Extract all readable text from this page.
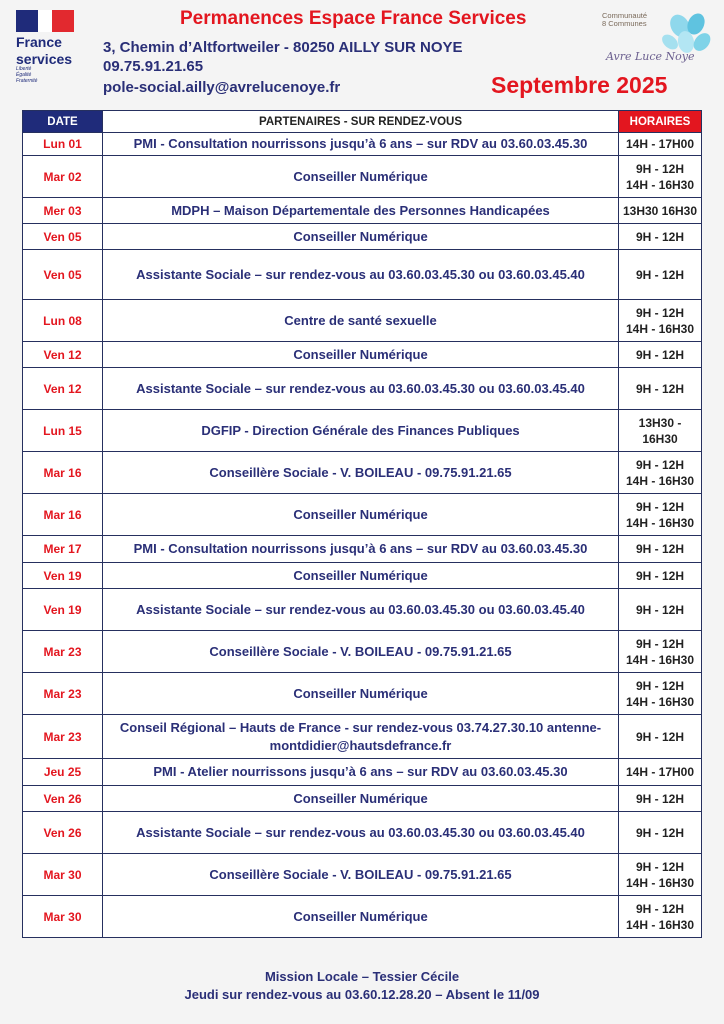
France
services
Liberté
Égalité
Fraternité
Permanences Espace France Services
3, Chemin d’Altfortweiler - 80250 AILLY SUR NOYE
09.75.91.21.65
pole-social.ailly@avrelucenoye.fr	Septembre 2025
Communauté
8 Communes
Avre Luce Noye
DATE	PARTENAIRES - SUR RENDEZ-VOUS	HORAIRES
Lun 01	PMI - Consultation nourrissons jusqu’à 6 ans – sur RDV au 03.60.03.45.30	14H - 17H00
Mar 02	Conseiller Numérique	9H - 12H
14H - 16H30
Mer 03	MDPH – Maison Départementale des Personnes Handicapées	13H30 16H30
Ven 05	Conseiller Numérique	9H - 12H
Ven 05	Assistante Sociale – sur rendez-vous au 03.60.03.45.30 ou 03.60.03.45.40	9H - 12H
Lun 08	Centre de santé sexuelle	9H - 12H
14H - 16H30
Ven 12	Conseiller Numérique	9H - 12H
Ven 12	Assistante Sociale – sur rendez-vous au 03.60.03.45.30 ou 03.60.03.45.40	9H - 12H
Lun 15	DGFIP - Direction Générale des Finances Publiques	13H30 -
16H30
Mar 16	Conseillère Sociale - V. BOILEAU - 09.75.91.21.65	9H - 12H
14H - 16H30
Mar 16	Conseiller Numérique	9H - 12H
14H - 16H30
Mer 17	PMI - Consultation nourrissons jusqu’à 6 ans – sur RDV au 03.60.03.45.30	9H - 12H
Ven 19	Conseiller Numérique	9H - 12H
Ven 19	Assistante Sociale – sur rendez-vous au 03.60.03.45.30 ou 03.60.03.45.40	9H - 12H
Mar 23	Conseillère Sociale - V. BOILEAU - 09.75.91.21.65	9H - 12H
14H - 16H30
Mar 23	Conseiller Numérique	9H - 12H
14H - 16H30
Mar 23	Conseil Régional – Hauts de France - sur rendez-vous 03.74.27.30.10 antenne- montdidier@hautsdefrance.fr	9H - 12H
Jeu 25	PMI - Atelier nourrissons jusqu’à 6 ans – sur RDV au 03.60.03.45.30	14H - 17H00
Ven 26	Conseiller Numérique	9H - 12H
Ven 26	Assistante Sociale – sur rendez-vous au 03.60.03.45.30 ou 03.60.03.45.40	9H - 12H
Mar 30	Conseillère Sociale - V. BOILEAU - 09.75.91.21.65	9H - 12H
14H - 16H30
Mar 30	Conseiller Numérique	9H - 12H
14H - 16H30
Mission Locale – Tessier Cécile
Jeudi sur rendez-vous au 03.60.12.28.20 – Absent le 11/09
